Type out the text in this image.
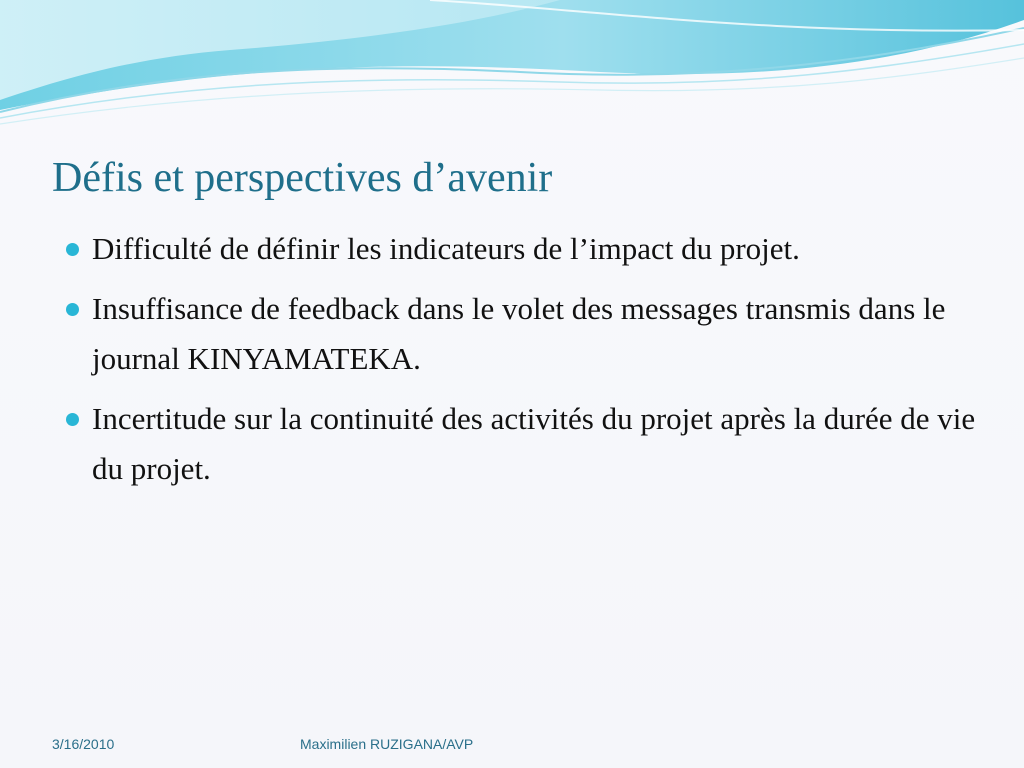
Défis et perspectives d’avenir
Difficulté de définir les indicateurs de l’impact du projet.
Insuffisance de feedback dans le volet des messages transmis dans le journal KINYAMATEKA.
Incertitude sur la continuité des activités du projet après la durée de vie du projet.
3/16/2010	Maximilien RUZIGANA/AVP
